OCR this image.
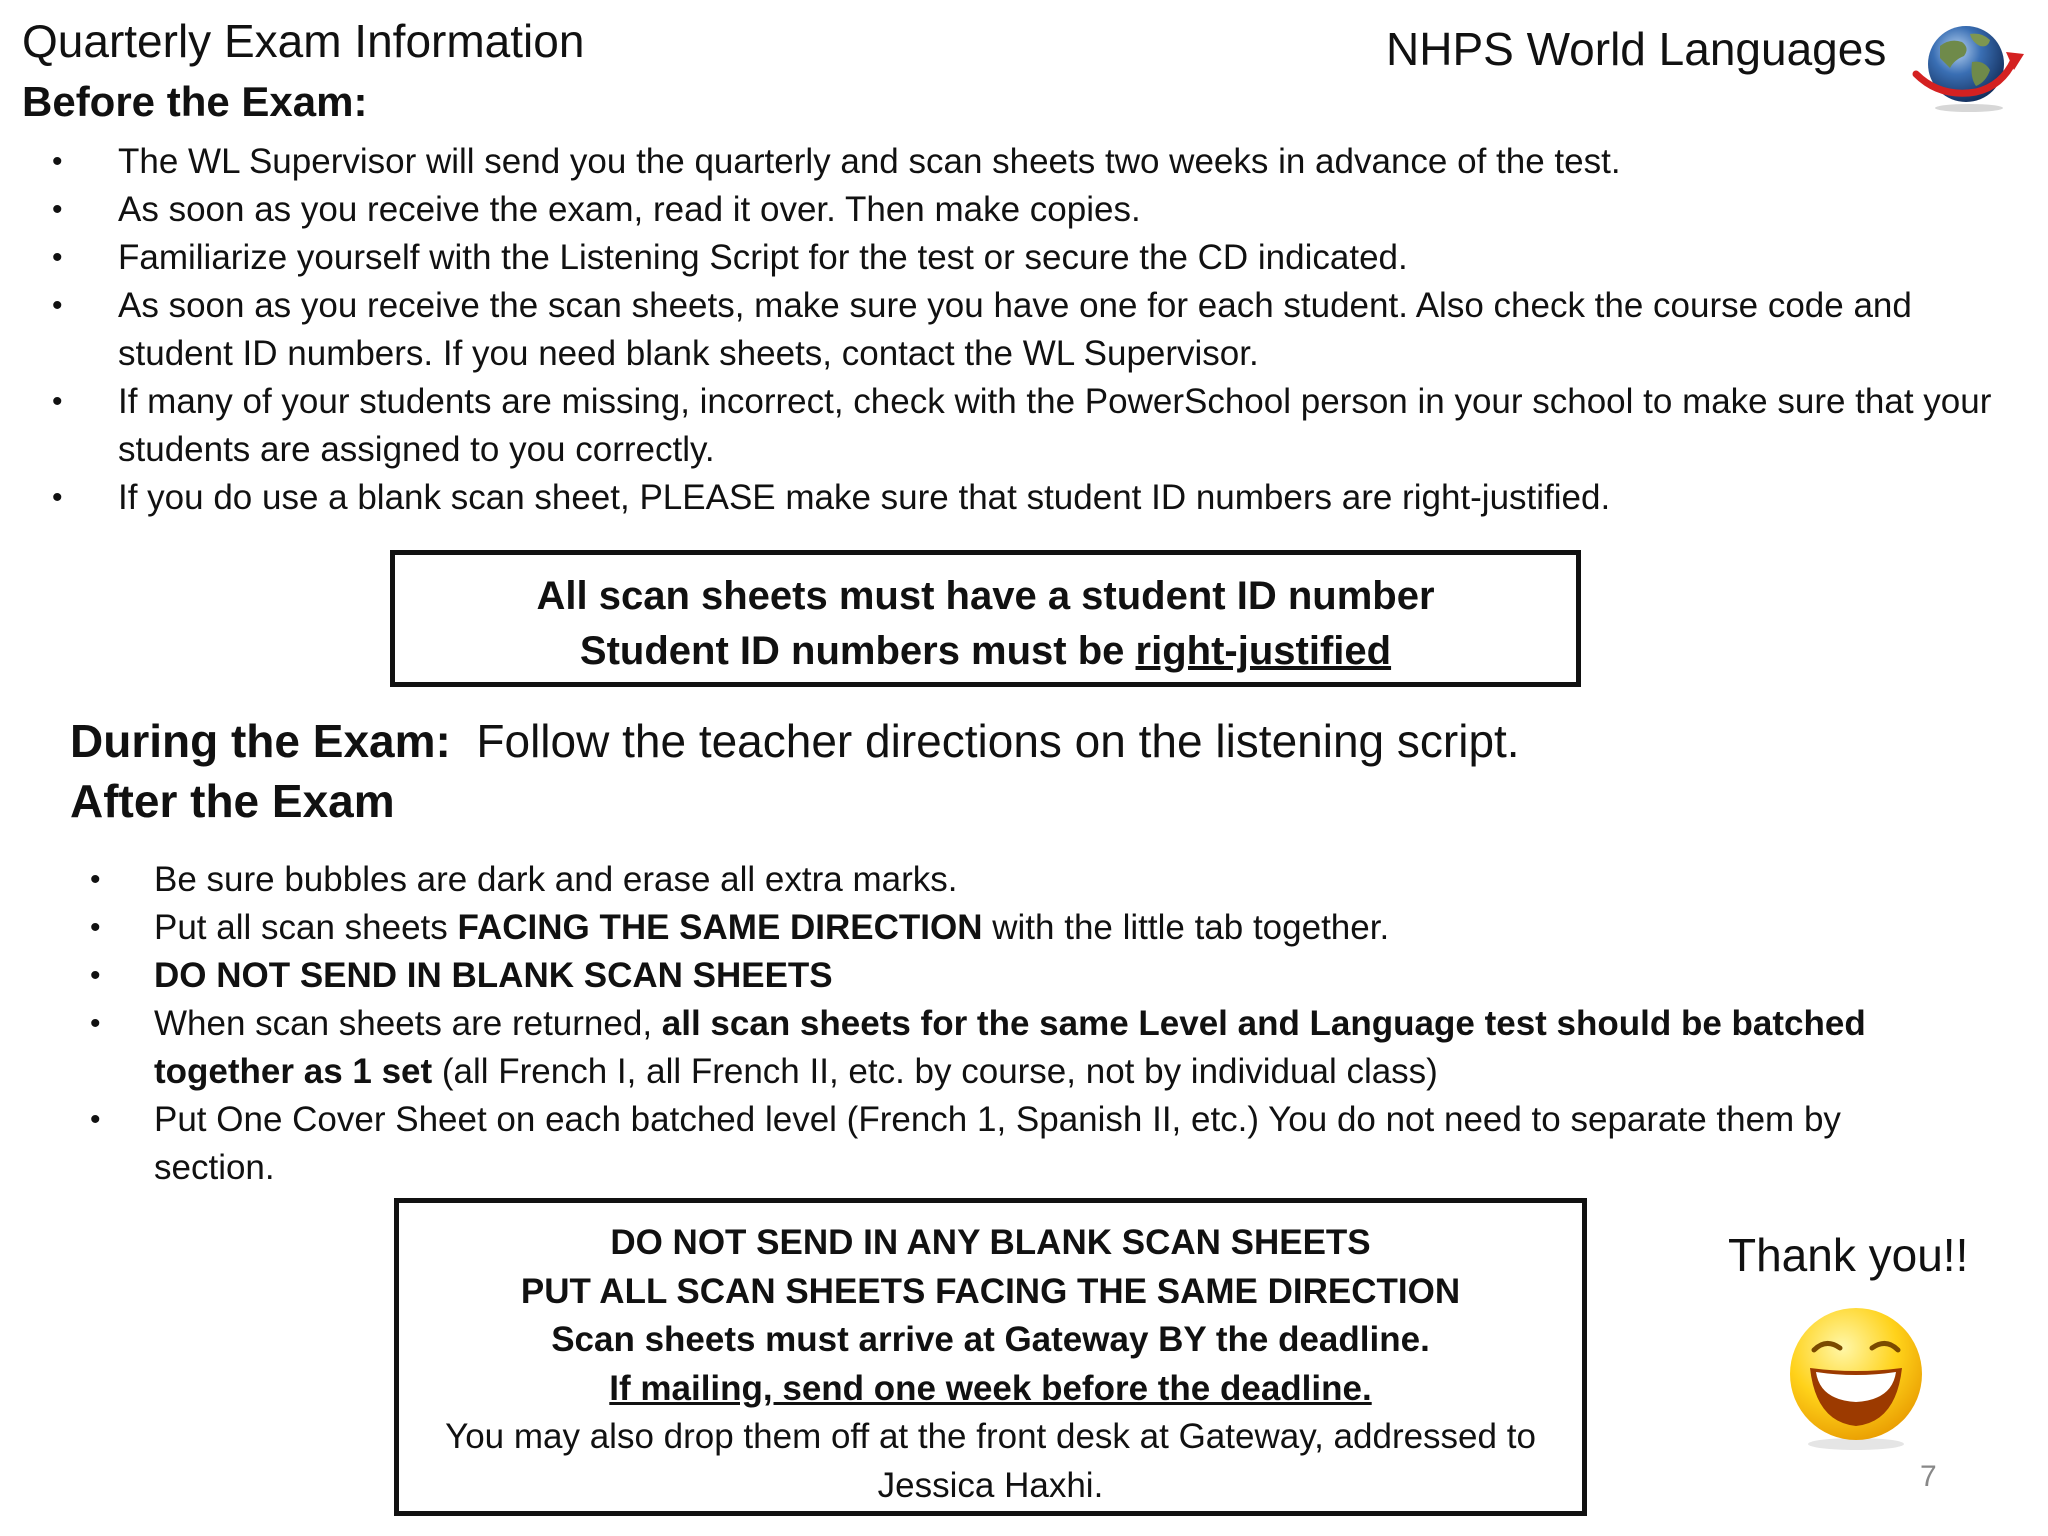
Quarterly Exam Information	NHPS World Languages
Before the Exam:
• The WL Supervisor will send you the quarterly and scan sheets two weeks in advance of the test.
• As soon as you receive the exam, read it over. Then make copies.
• Familiarize yourself with the Listening Script for the test or secure the CD indicated.
• As soon as you receive the scan sheets, make sure you have one for each student. Also check the course code and student ID numbers. If you need blank sheets, contact the WL Supervisor.
• If many of your students are missing, incorrect, check with the PowerSchool person in your school to make sure that your students are assigned to you correctly.
• If you do use a blank scan sheet, PLEASE make sure that student ID numbers are right-justified.
All scan sheets must have a student ID number
Student ID numbers must be right-justified
During the Exam: Follow the teacher directions on the listening script.
After the Exam
• Be sure bubbles are dark and erase all extra marks.
• Put all scan sheets FACING THE SAME DIRECTION with the little tab together.
• DO NOT SEND IN BLANK SCAN SHEETS
• When scan sheets are returned, all scan sheets for the same Level and Language test should be batched together as 1 set (all French I, all French II, etc. by course, not by individual class)
• Put One Cover Sheet on each batched level (French 1, Spanish II, etc.) You do not need to separate them by section.
DO NOT SEND IN ANY BLANK SCAN SHEETS
PUT ALL SCAN SHEETS FACING THE SAME DIRECTION
Scan sheets must arrive at Gateway BY the deadline.
If mailing, send one week before the deadline.
You may also drop them off at the front desk at Gateway, addressed to Jessica Haxhi.
Thank you!!
7
